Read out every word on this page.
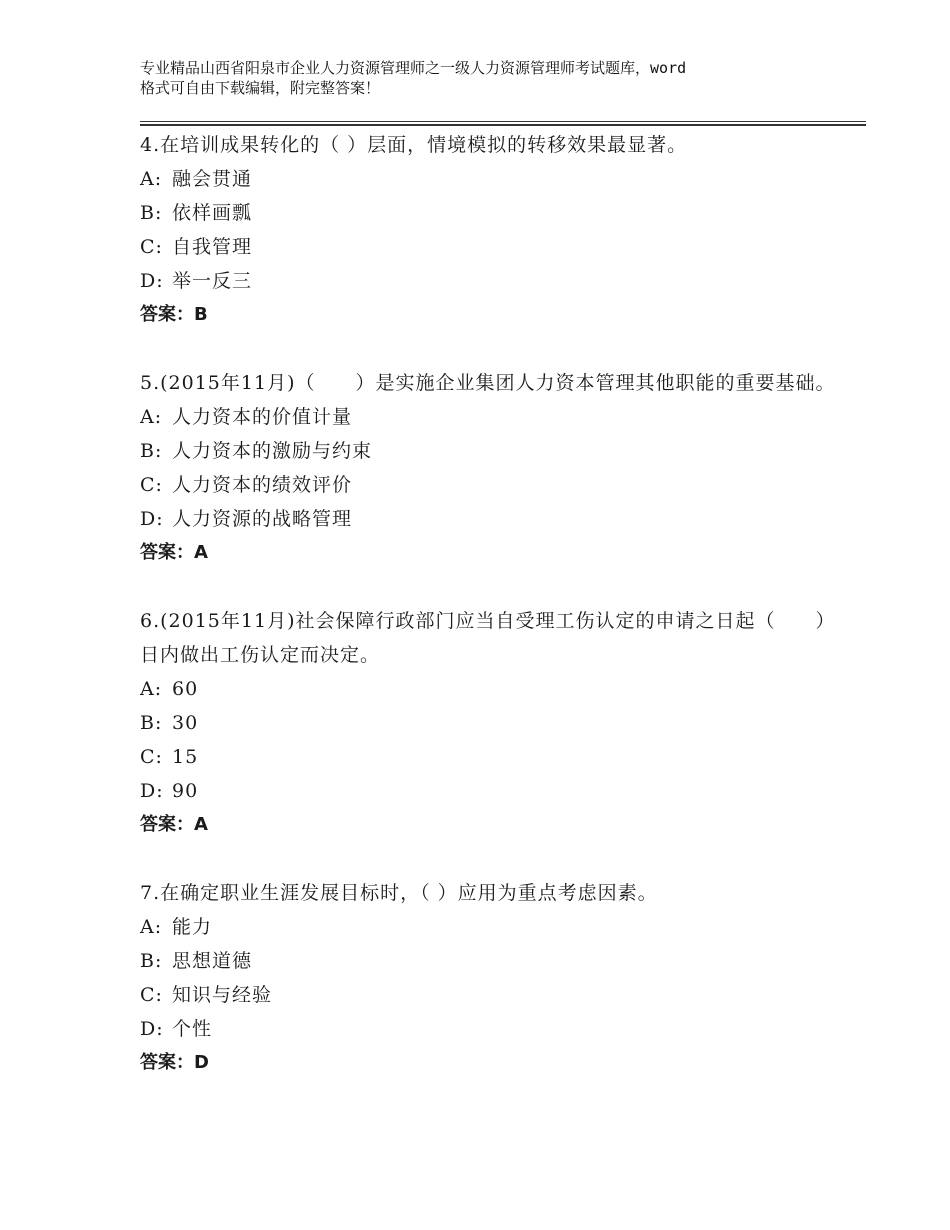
专业精品山西省阳泉市企业人力资源管理师之一级人力资源管理师考试题库，word
格式可自由下载编辑，附完整答案！
4.在培训成果转化的（ ）层面，情境模拟的转移效果最显著。
A: 融会贯通
B: 依样画瓢
C: 自我管理
D: 举一反三
答案：B
5.(2015年11月)（　　）是实施企业集团人力资本管理其他职能的重要基础。
A: 人力资本的价值计量
B: 人力资本的激励与约束
C: 人力资本的绩效评价
D: 人力资源的战略管理
答案：A
6.(2015年11月)社会保障行政部门应当自受理工伤认定的申请之日起（　　）日内做出工伤认定而决定。
A: 60
B: 30
C: 15
D: 90
答案：A
7.在确定职业生涯发展目标时，（ ）应用为重点考虑因素。
A: 能力
B: 思想道德
C: 知识与经验
D: 个性
答案：D
